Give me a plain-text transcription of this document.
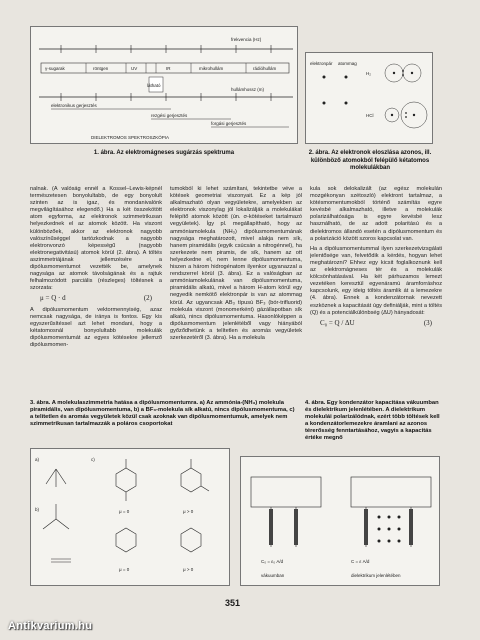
frekvencia (Hz)
γ-sugarak	röntgen	UV
látható
IR	mikrohullám	rádióhullám
hullámhossz (m)
elektronikus gerjesztés
rezgési gerjesztés
forgási gerjesztés
DIELEKTROMOS SPEKTROSZKÓPIA
1. ábra. Az elektromágneses sugárzás spektruma
elektronpár atommag
H₂
HCl
2. ábra. Az elektronok eloszlása azonos, ill. különböző atomokból felépülő kétatomos molekulákban

nalnak. (A valóság ennél a Kossel–Lewis-képnél természetesen bonyolultabb, de egy bonyolult szinten az is igaz, és mondanivalónk megvilágításához elegendő.) Ha a két összekötött atom egyforma, az elektronok szimmetrikusan helyezkednek el az atomok között. Ha viszont különbözőek, akkor az elektronok nagyobb valószínűséggel tartózkodnak a nagyobb elektronvonzó képességű (nagyobb elektronegativitású) atomok körül (2. ábra). A töltés aszimmetriájának jellemzésére a dipólusmomentumot vezették be, amelynek nagysága az atomok távolságának és a rajtuk felhalmozódott parciális (részleges) töltésnek a szorzata:

μ = Q · d	(2)

A dipólusmomentum vektormennyiség, azaz nemcsak nagysága, de iránya is fontos. Egy kis egyszerűsítéssel azt lehet mondani, hogy a kétatomosnál bonyolultabb molekulák dipólusmomentumát az egyes kötésekre jellemző dipólusmomen-

tumokból ki lehet számítani, tekintetbe véve a kötések geometriai viszonyait. Ez a kép jól alkalmazható olyan vegyületekre, amelyekben az elektronok viszonylag jól lokalizálják a molekulákat felépítő atomok között (ún. σ-kötéseket tartalmazó vegyületek). Így pl. megállapítható, hogy az ammóniamolekula (NH₃) dipólusmomentumának nagysága meghatározott, mivel alakja nem sík, hanem piramidális (egyik csúcsán a nitrogénnel), ha szerkezete nem piramis, de sík, hanem az ott helyezkedne el, nem lenne dipólusmomentuma, hiszen a három hidrogénatom ilyenkor ugyanazzal a rendszerrel körül (3. ábra). Ez a valóságban az ammóniamolekulának van dipólusmomentuma, piramidális alkatú, mivel a három H-atom körül egy negyedik nemkötő elektronpár is van az atommag körül. Az ugyancsak AB₃ típusú BF₃ (bór-trifluorid) molekula viszont (monomerként) gázállapotban sík alkatú, nincs dipólusmomentuma. Hasonlóképpen a dipólusmomentum jelenlétéből vagy hiányából győződhetünk a telítetlen és aromás vegyületek szerkezetéről (3. ábra). Ha a molekula

kula sok delokalizált (az egész molekulán mozgékonyan szétoszló) elektront tartalmaz, a kötésmomentumokból történő számítás egyre kevésbé alkalmazható, illetve a molekulák polarizálhatósága is egyre kevésbé lesz használható, de az adott polaritású és a dielektromos állandó esetén a dipólusmomentum és a polarizáció között szoros kapcsolat van.

Ha a dipólusmomentummal ilyen szerkezetvizsgálati jelentősége van, felvetődik a kérdés, hogyan lehet meghatározni? Ehhez egy kicsit foglalkoznunk kell az elektromágneses tér és a molekulák kölcsönhatásával. Ha két párhuzamos lemezt vezetéken keresztül egyenáramú áramforráshoz kapcsolunk, egy ideig töltés áramlik át a lemezekre (4. ábra). Ennek a kondenzátornak nevezett eszköznek a kapacitását úgy definiálják, mint a töltés (Q) és a potenciálkülönbség (ΔU) hányadosát:

C₀ = Q / ΔU	(3)
3. ábra. A molekulaszimmetria hatása a dipólusmomentumra. a) Az ammónia-(NH₃) molekula piramidális, van dipólusmomentuma, b) a BF₃-molekula sík alkatú, nincs dipólusmomentuma, c) a telítetlen és aromás vegyületek közül csak azoknak van dipólusmomentumuk, amelyek nem szimmetrikusan tartalmazzák a poláros csoportokat
a)
b)
c)
μ = 0	μ > 0
μ = 0	μ > 0
4. ábra. Egy kondenzátor kapacitása vákuumban és dielektrikum jelenlétében. A dielektrikum molekulái polarizálódnak, ezért több töltések kell a kondenzátorlemezekre áramlani az azonos térerősség fenntartásához, vagyis a kapacitás értéke megnő
C₀ = ε₀ A/d	C = ε A/d
vákuumban	dielektrikum jelenlétében
351
Antikvarium.hu
